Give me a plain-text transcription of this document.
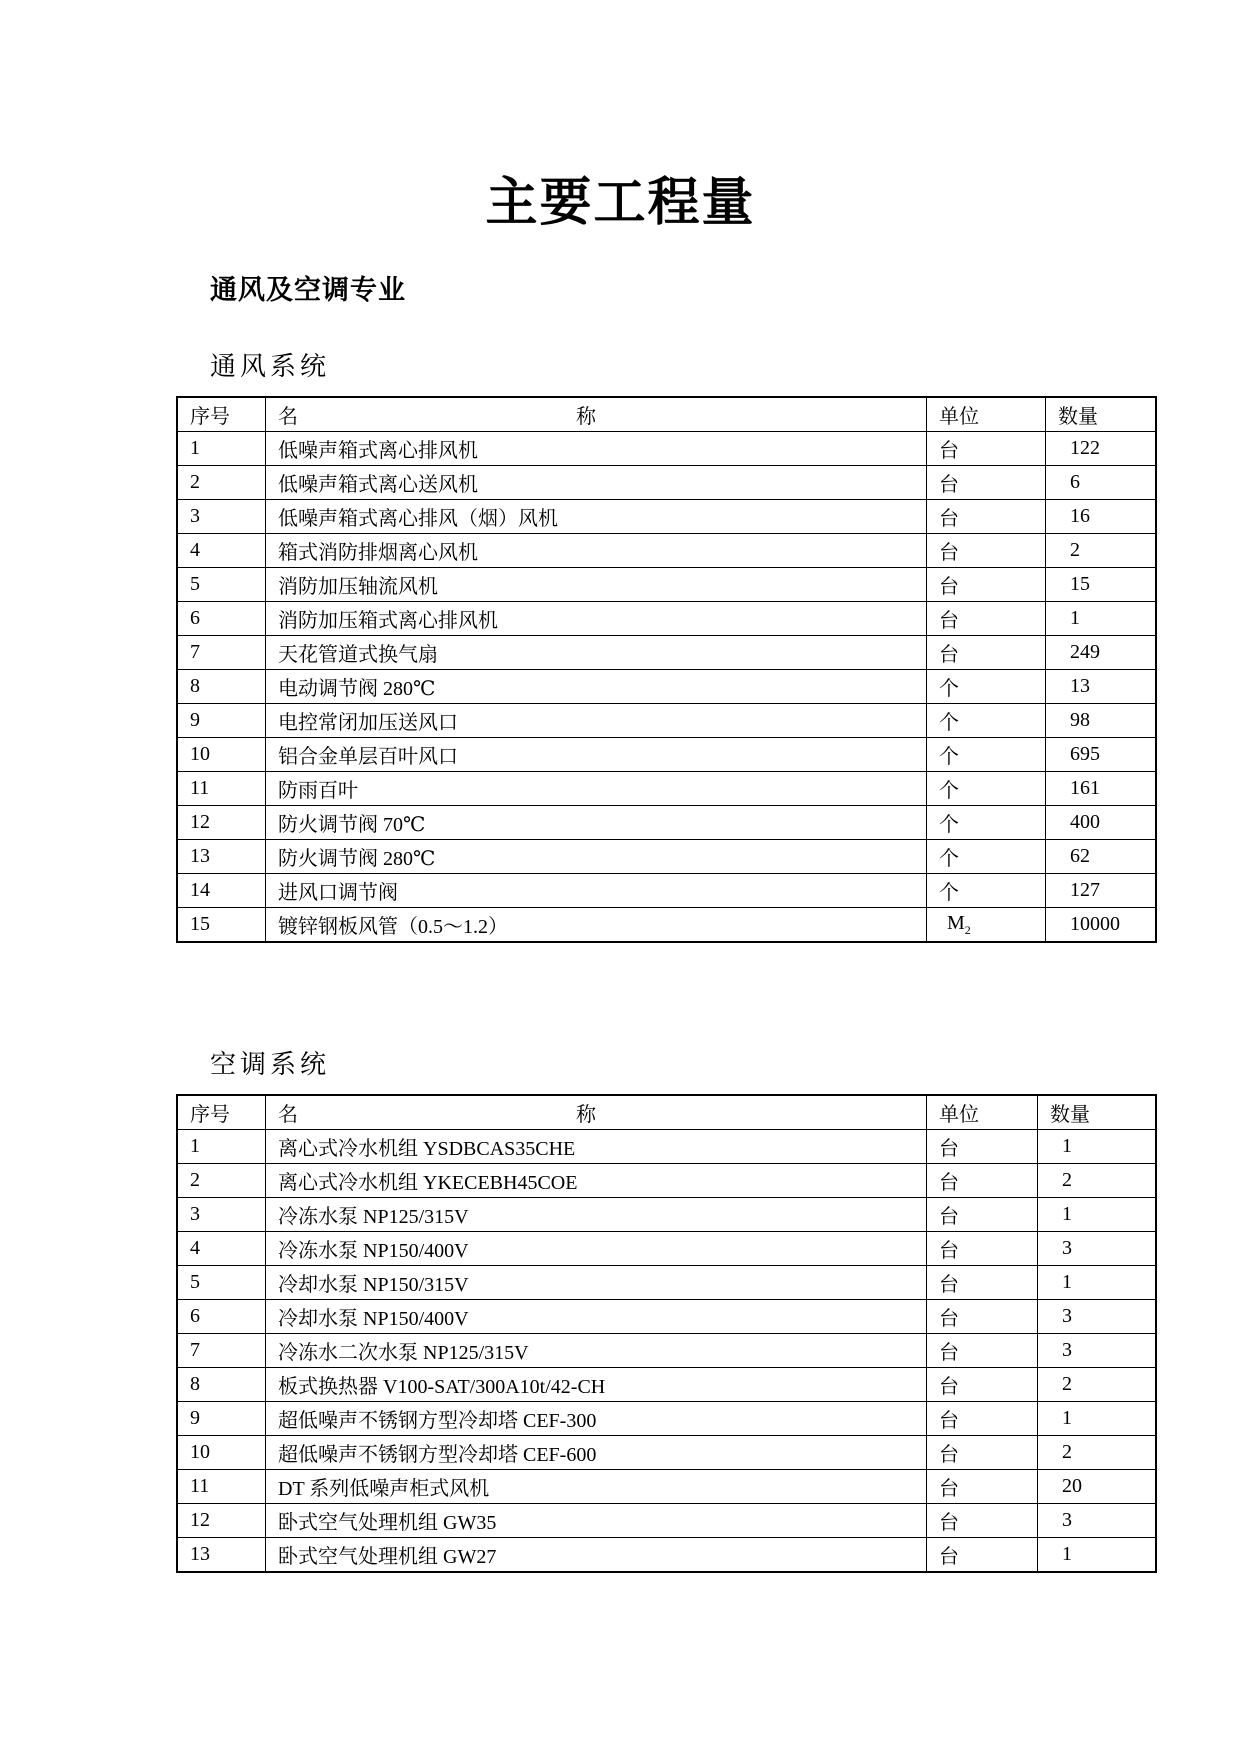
主要工程量
通风及空调专业
通风系统
序号	名 称	单位	数量
1	低噪声箱式离心排风机	台	122
2	低噪声箱式离心送风机	台	6
3	低噪声箱式离心排风（烟）风机	台	16
4	箱式消防排烟离心风机	台	2
5	消防加压轴流风机	台	15
6	消防加压箱式离心排风机	台	1
7	天花管道式换气扇	台	249
8	电动调节阀 280℃	个	13
9	电控常闭加压送风口	个	98
10	铝合金单层百叶风口	个	695
11	防雨百叶	个	161
12	防火调节阀 70℃	个	400
13	防火调节阀 280℃	个	62
14	进风口调节阀	个	127
15	镀锌钢板风管（0.5～1.2）	$M_2$	10000
空调系统
序号	名 称	单位	数量
1	离心式冷水机组 YSDBCAS35CHE	台	1
2	离心式冷水机组 YKECEBH45COE	台	2
3	冷冻水泵 NP125/315V	台	1
4	冷冻水泵 NP150/400V	台	3
5	冷却水泵 NP150/315V	台	1
6	冷却水泵 NP150/400V	台	3
7	冷冻水二次水泵 NP125/315V	台	3
8	板式换热器 V100-SAT/300A10t/42-CH	台	2
9	超低噪声不锈钢方型冷却塔 CEF-300	台	1
10	超低噪声不锈钢方型冷却塔 CEF-600	台	2
11	DT 系列低噪声柜式风机	台	20
12	卧式空气处理机组 GW35	台	3
13	卧式空气处理机组 GW27	台	1
